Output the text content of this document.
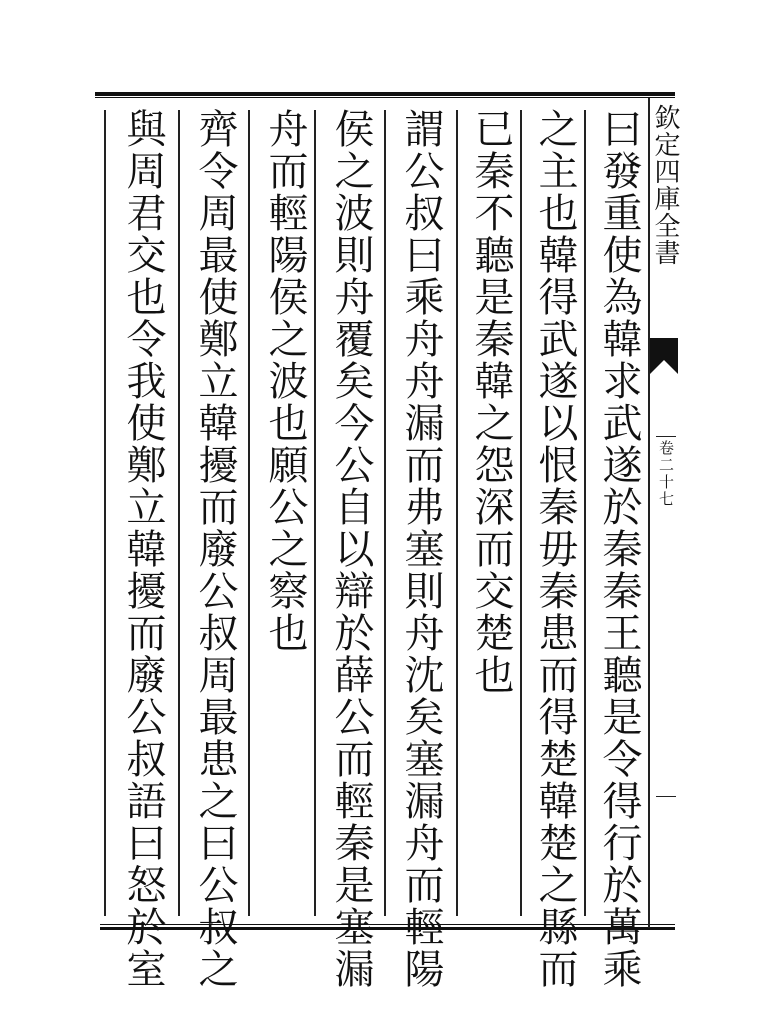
欽定四庫全書
卷二十七
曰發重使為韓求武遂於秦秦王聽是令得行於萬乘
之主也韓得武遂以恨秦毋秦患而得楚韓楚之縣而
已秦不聽是秦韓之怨深而交楚也
謂公叔曰乘舟舟漏而弗塞則舟沈矣塞漏舟而輕陽
侯之波則舟覆矣今公自以辯於薛公而輕秦是塞漏
舟而輕陽侯之波也願公之察也
齊令周最使鄭立韓擾而廢公叔周最患之曰公叔之
與周君交也令我使鄭立韓擾而廢公叔語曰怒於室
